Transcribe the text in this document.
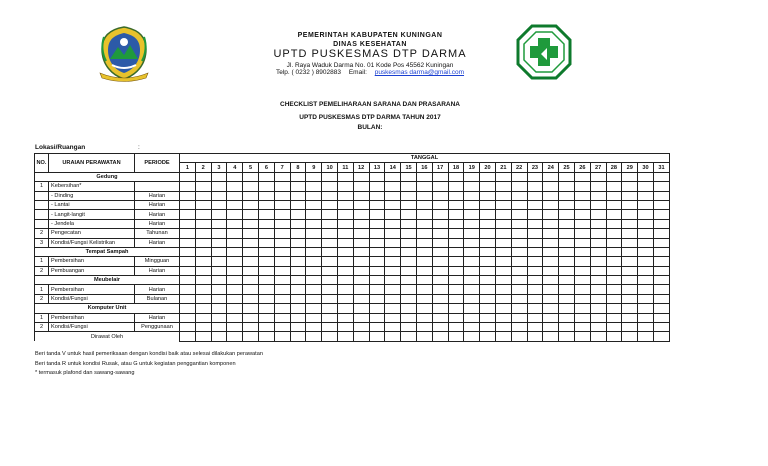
PEMERINTAH KABUPATEN KUNINGAN
DINAS KESEHATAN
UPTD PUSKESMAS DTP DARMA
Jl. Raya Waduk Darma No. 01 Kode Pos 45562 Kuningan
Telp. ( 0232 ) 8902883 Email: puskesmas darma@gmail.com
CHECKLIST PEMELIHARAAN SARANA DAN PRASARANA
UPTD PUSKESMAS DTP DARMA TAHUN 2017
BULAN:
Lokasi/Ruangan	:
NO.	URAIAN PERAWATAN	PERIODE	TANGGAL																														
			1	2	3	4	5	6	7	8	9	10	11	12	13	14	15	16	17	18	19	20	21	22	23	24	25	26	27	28	29	30	31
Gedung																																	
1	Kebersihan*																																
	- Dinding	Harian																															
	- Lantai	Harian																															
	- Langit-langit	Harian																															
	- Jendela	Harian																															
2	Pengecatan	Tahunan																															
3	Kondisi/Fungsi Kelistrikan	Harian																															
Tempat Sampah																																	
1	Pembersihan	Mingguan																															
2	Pembuangan	Harian																															
Meubelair																																	
1	Pembersihan	Harian																															
2	Kondisi/Fungsi	Bulanan																															
Komputer Unit																																	
1	Pembersihan	Harian																															
2	Kondisi/Fungsi	Penggunaan																															
Dirawat Oleh																																	
Beri tanda V untuk hasil pemeriksaan dengan kondisi baik atau selesai dilakukan perawatan
Beri tanda R untuk kondisi Rusak, atau G untuk kegiatan penggantian komponen
* termasuk plafond dan sawang-sawang
